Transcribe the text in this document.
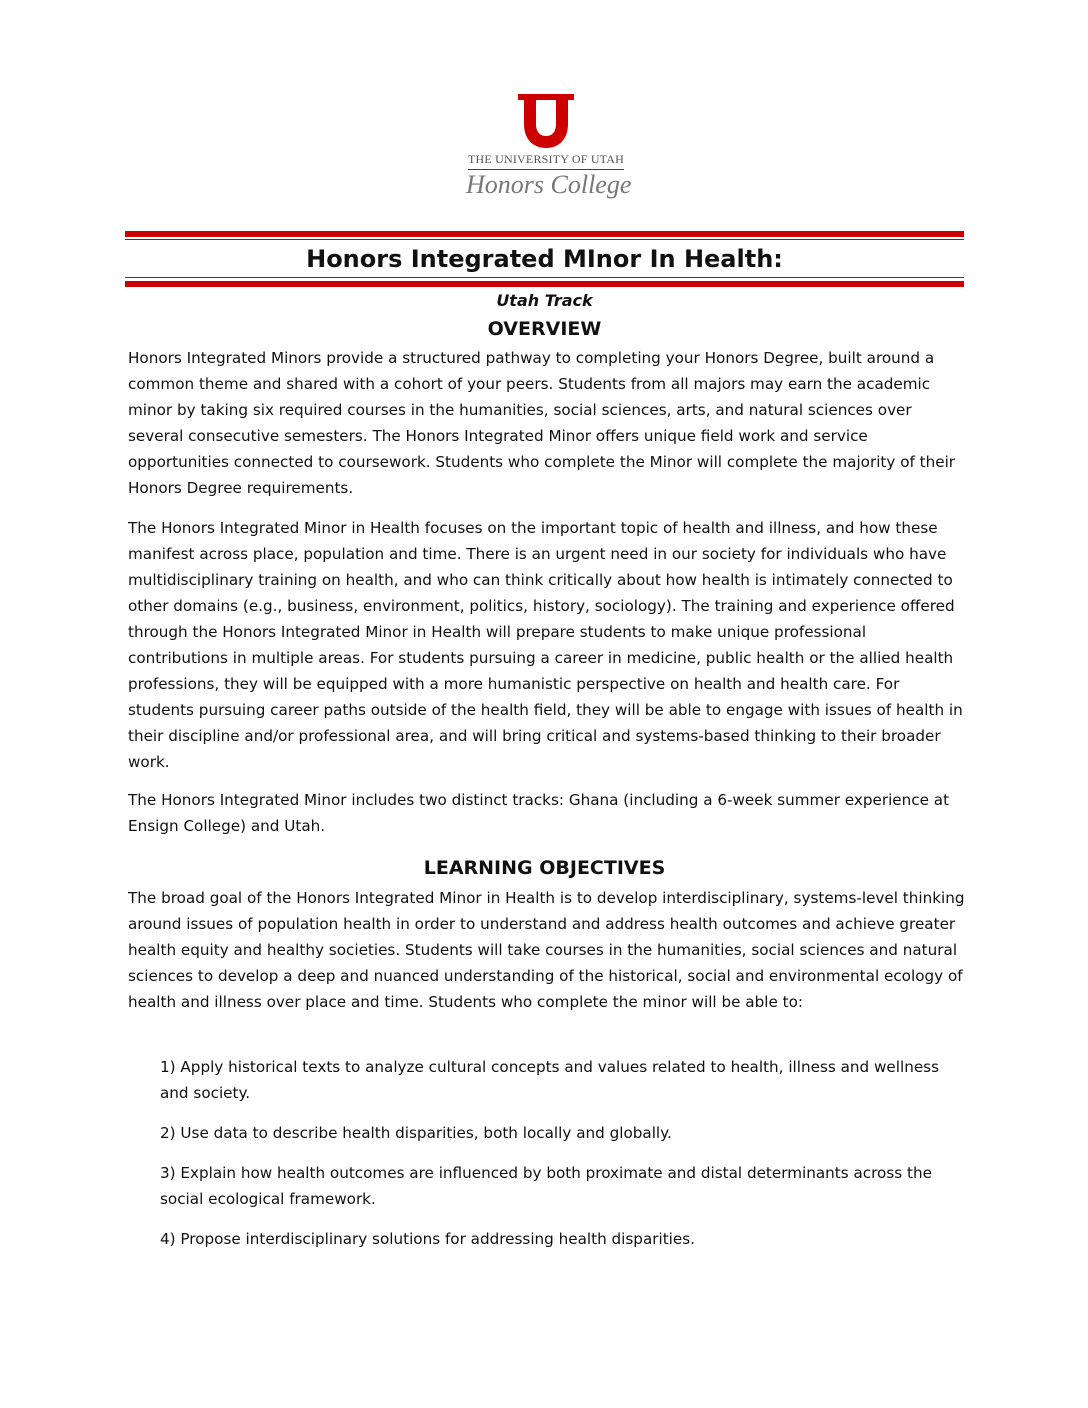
THE UNIVERSITY OF UTAH
Honors College
Honors Integrated MInor In Health:
Utah Track
OVERVIEW

Honors Integrated Minors provide a structured pathway to completing your Honors Degree, built around a common theme and shared with a cohort of your peers. Students from all majors may earn the academic minor by taking six required courses in the humanities, social sciences, arts, and natural sciences over several consecutive semesters. The Honors Integrated Minor offers unique field work and service opportunities connected to coursework. Students who complete the Minor will complete the majority of their Honors Degree requirements.

The Honors Integrated Minor in Health focuses on the important topic of health and illness, and how these manifest across place, population and time. There is an urgent need in our society for individuals who have multidisciplinary training on health, and who can think critically about how health is intimately connected to other domains (e.g., business, environment, politics, history, sociology). The training and experience offered through the Honors Integrated Minor in Health will prepare students to make unique professional contributions in multiple areas. For students pursuing a career in medicine, public health or the allied health professions, they will be equipped with a more humanistic perspective on health and health care. For students pursuing career paths outside of the health field, they will be able to engage with issues of health in their discipline and/or professional area, and will bring critical and systems-based thinking to their broader work.

The Honors Integrated Minor includes two distinct tracks: Ghana (including a 6-week summer experience at Ensign College) and Utah.

LEARNING OBJECTIVES

The broad goal of the Honors Integrated Minor in Health is to develop interdisciplinary, systems-level thinking around issues of population health in order to understand and address health outcomes and achieve greater health equity and healthy societies. Students will take courses in the humanities, social sciences and natural sciences to develop a deep and nuanced understanding of the historical, social and environmental ecology of health and illness over place and time. Students who complete the minor will be able to:

1) Apply historical texts to analyze cultural concepts and values related to health, illness and wellness and society.
2) Use data to describe health disparities, both locally and globally.
3) Explain how health outcomes are influenced by both proximate and distal determinants across the social ecological framework.
4) Propose interdisciplinary solutions for addressing health disparities.
